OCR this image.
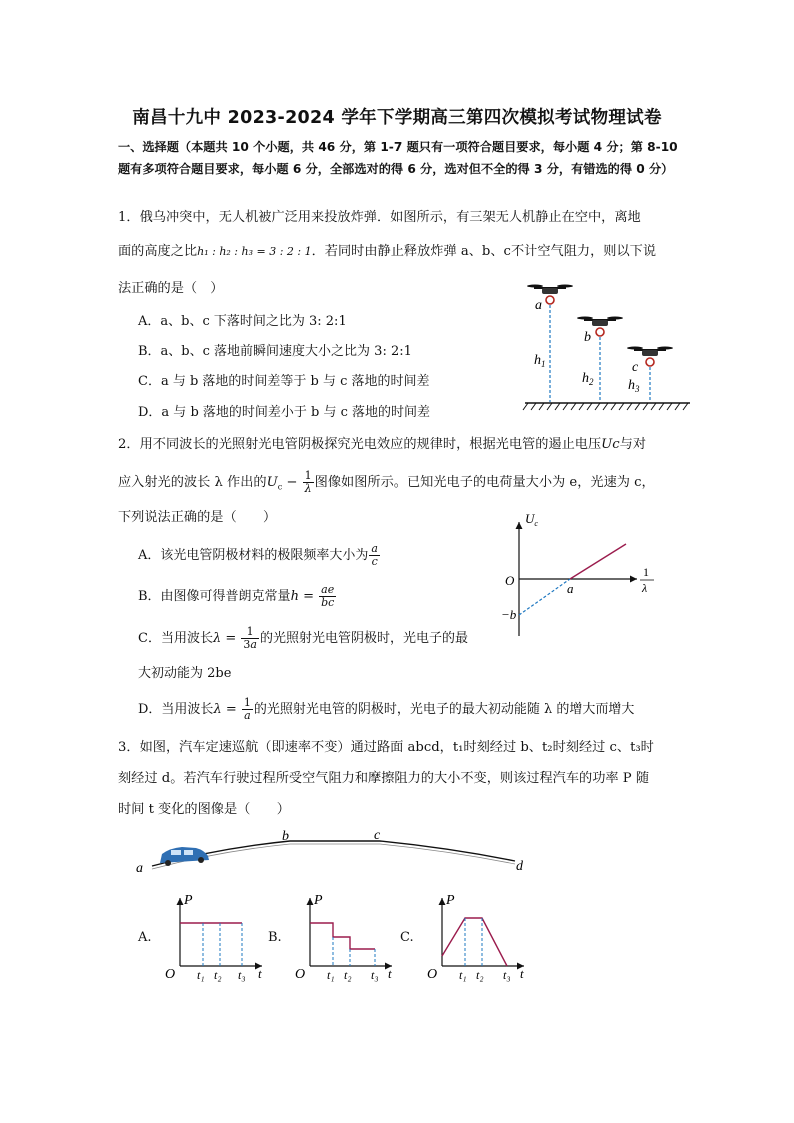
南昌十九中 2023-2024 学年下学期高三第四次模拟考试物理试卷
一、选择题（本题共 10 个小题，共 46 分，第 1-7 题只有一项符合题目要求，每小题 4 分；第 8-10 题有多项符合题目要求，每小题 6 分，全部选对的得 6 分，选对但不全的得 3 分，有错选的得 0 分）
1．俄乌冲突中，无人机被广泛用来投放炸弹．如图所示，有三架无人机静止在空中，离地
面的高度之比h₁ : h₂ : h₃ = 3 : 2 : 1．若同时由静止释放炸弹 a、b、c不计空气阻力，则以下说
法正确的是（　）
A．a、b、c 下落时间之比为 3: 2:1
B．a、b、c 落地前瞬间速度大小之比为 3: 2:1
C．a 与 b 落地的时间差等于 b 与 c 落地的时间差
D．a 与 b 落地的时间差小于 b 与 c 落地的时间差
a
$h_1$
b
$h_2$
c
$h_3$
2．用不同波长的光照射光电管阴极探究光电效应的规律时，根据光电管的遏止电压Uc与对
应入射光的波长 λ 作出的$U_c - \frac{1}{\lambda}$ 图像如图所示。已知光电子的电荷量大小为 e，光速为 c，
下列说法正确的是（　　）
A．该光电管阴极材料的极限频率大小为 $\frac{a}{c}$
B．由图像可得普朗克常量$h = \frac{ae}{bc}$
C．当用波长$\lambda = \frac{1}{3a}$ 的光照射光电管阴极时，光电子的最
大初动能为 2be
D．当用波长$\lambda = \frac{1}{a}$ 的光照射光电管的阴极时，光电子的最大初动能随 λ 的增大而增大
$U_c$
O
a
−b
1
λ
3．如图，汽车定速巡航（即速率不变）通过路面 abcd，t₁时刻经过 b、t₂时刻经过 c、t₃时
刻经过 d。若汽车行驶过程所受空气阻力和摩擦阻力的大小不变，则该过程汽车的功率 P 随
时间 t 变化的图像是（　　）
a
b	c
d
A.	B.	C.
P
O	t
t₁ t₂ t₃
P
O	t
t₁ t₂ t₃
P
O	t
t₁ t₂ t₃
